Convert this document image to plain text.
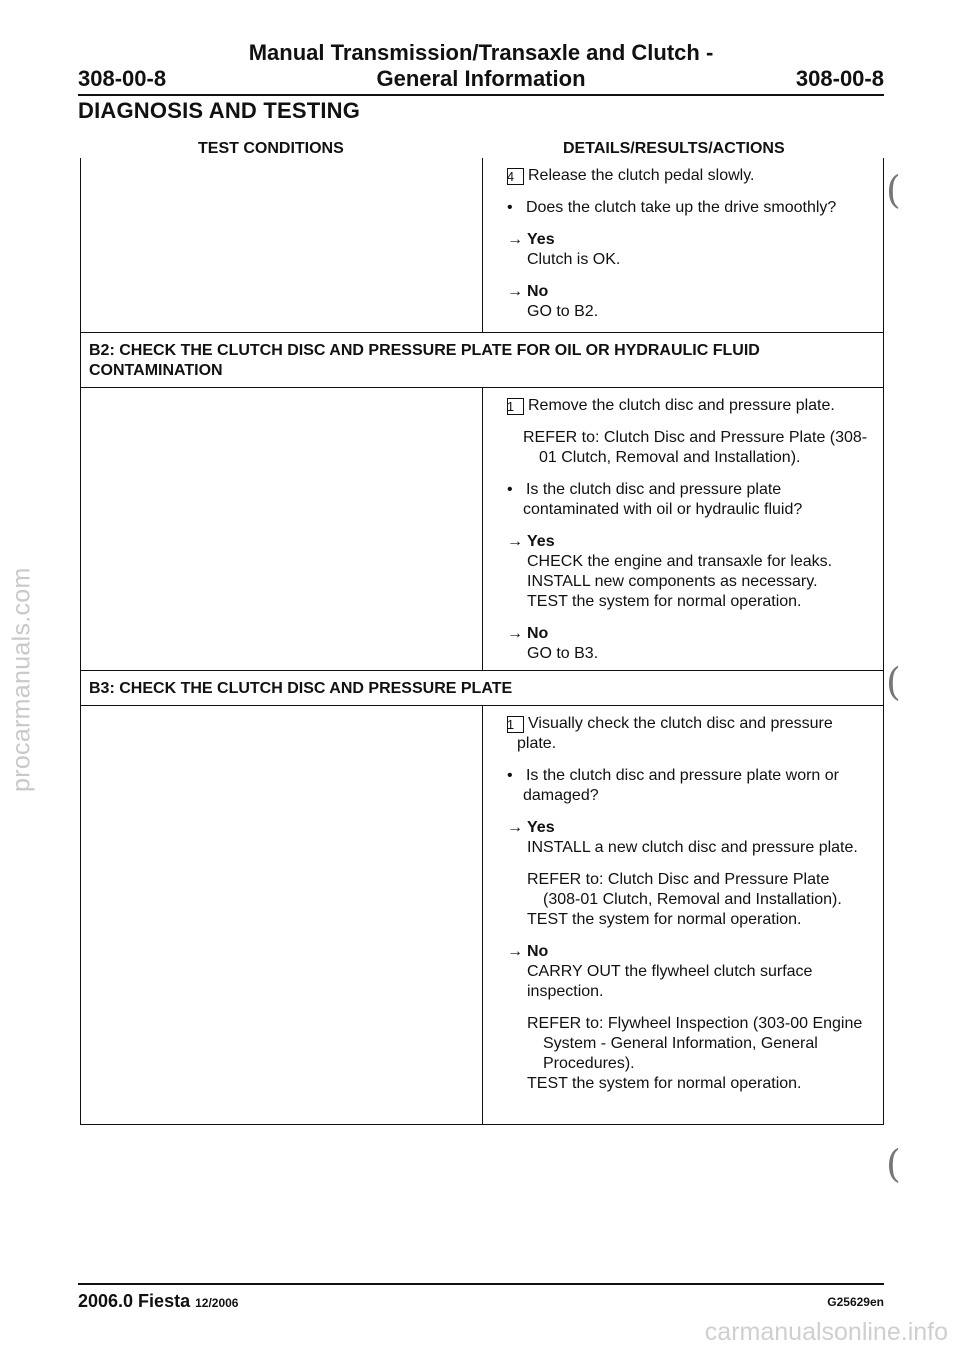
procarmanuals.com
Manual Transmission/Transaxle and Clutch -
308-00-8	General Information	308-00-8
DIAGNOSIS AND TESTING
TEST CONDITIONS	DETAILS/RESULTS/ACTIONS
4 Release the clutch pedal slowly.
•   Does the clutch take up the drive smoothly?
→ Yes
Clutch is OK.
→ No
GO to B2.
B2: CHECK THE CLUTCH DISC AND PRESSURE PLATE FOR OIL OR HYDRAULIC FLUID CONTAMINATION
1 Remove the clutch disc and pressure plate.
REFER to: Clutch Disc and Pressure Plate (308-01 Clutch, Removal and Installation).
•   Is the clutch disc and pressure plate contaminated with oil or hydraulic fluid?
→ Yes
CHECK the engine and transaxle for leaks.
INSTALL new components as necessary.
TEST the system for normal operation.
→ No
GO to B3.
B3: CHECK THE CLUTCH DISC AND PRESSURE PLATE
1 Visually check the clutch disc and pressure plate.
•   Is the clutch disc and pressure plate worn or damaged?
→ Yes
INSTALL a new clutch disc and pressure plate.
REFER to: Clutch Disc and Pressure Plate (308-01 Clutch, Removal and Installation).
TEST the system for normal operation.
→ No
CARRY OUT the flywheel clutch surface inspection.
REFER to: Flywheel Inspection (303-00 Engine System - General Information, General Procedures).
TEST the system for normal operation.
(
(
(
2006.0 Fiesta 12/2006	G25629en
carmanualsonline.info
